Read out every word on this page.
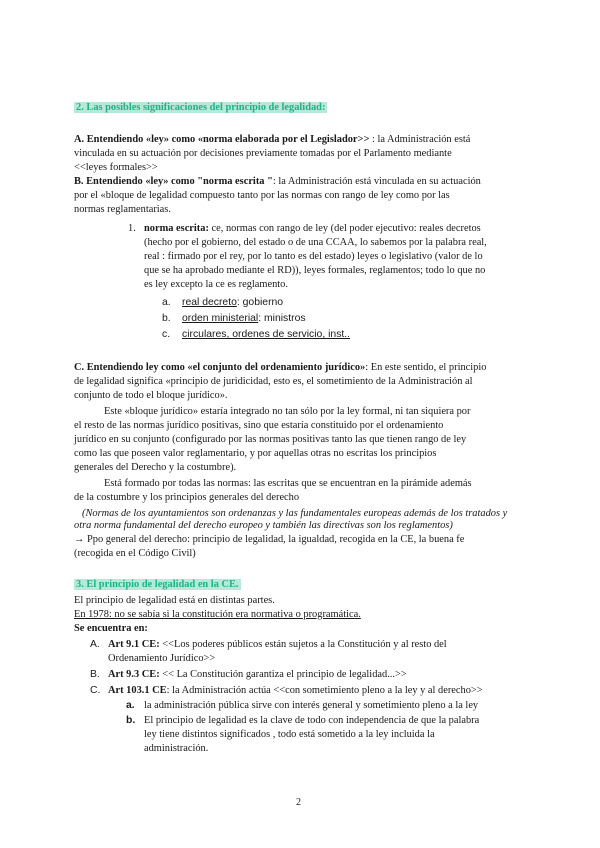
2. Las posibles significaciones del principio de legalidad:
A. Entendiendo «ley» como «norma elaborada por el Legislador>> : la Administración está
vinculada en su actuación por decisiones previamente tomadas por el Parlamento mediante
<<leyes formales>>
B. Entendiendo «ley» como "norma escrita ": la Administración está vinculada en su actuación
por el «bloque de legalidad compuesto tanto por las normas con rango de ley como por las
normas reglamentarias.
1. norma escrita: ce, normas con rango de ley (del poder ejecutivo: reales decretos
(hecho por el gobierno, del estado o de una CCAA, lo sabemos por la palabra real,
real : firmado por el rey, por lo tanto es del estado) leyes o legislativo (valor de lo
que se ha aprobado mediante el RD)), leyes formales, reglamentos; todo lo que no
es ley excepto la ce es reglamento.
a. real decreto: gobierno
b. orden ministerial: ministros
c. circulares, ordenes de servicio, inst..
C. Entendiendo ley como «el conjunto del ordenamiento jurídico»: En este sentido, el principio
de legalidad significa «principio de juridicidad, esto es, el sometimiento de la Administración al
conjunto de todo el bloque jurídico».
Este «bloque jurídico» estaría integrado no tan sólo por la ley formal, ni tan siquiera por
el resto de las normas jurídico positivas, sino que estaría constituido por el ordenamiento
jurídico en su conjunto (configurado por las normas positivas tanto las que tienen rango de ley
como las que poseen valor reglamentario, y por aquellas otras no escritas los principios
generales del Derecho y la costumbre).
Está formado por todas las normas: las escritas que se encuentran en la pirámide además
de la costumbre y los principios generales del derecho
(Normas de los ayuntamientos son ordenanzas y las fundamentales europeas además de los tratados y
otra norma fundamental del derecho europeo y también las directivas son los reglamentos)
→ Ppo general del derecho: principio de legalidad, la igualdad, recogida en la CE, la buena fe
(recogida en el Código Civil)
3. El principio de legalidad en la CE.
El principio de legalidad está en distintas partes.
En 1978: no se sabía si la constitución era normativa o programática.
Se encuentra en:
A. Art 9.1 CE: <<Los poderes públicos están sujetos a la Constitución y al resto del
Ordenamiento Jurídico>>
B. Art 9.3 CE: << La Constitución garantiza el principio de legalidad...>>
C. Art 103.1 CE: la Administración actúa <<con sometimiento pleno a la ley y al derecho>>
a. la administración pública sirve con interés general y sometimiento pleno a la ley
b. El principio de legalidad es la clave de todo con independencia de que la palabra
ley tiene distintos significados , todo está sometido a la ley incluida la
administración.
2
